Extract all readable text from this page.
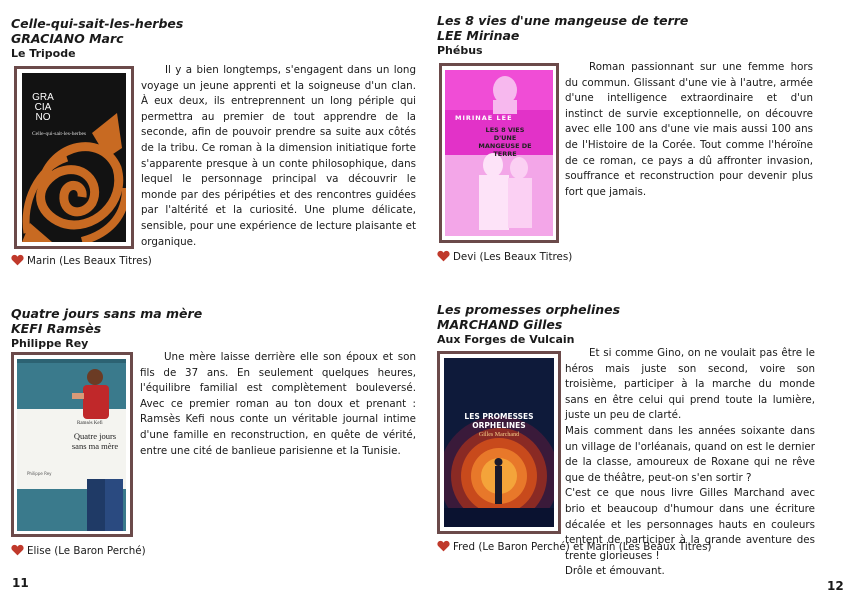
Celle-qui-sait-les-herbes
GRACIANO Marc
Le Tripode
GRA
CIA
NO
Celle-qui-sait-les-herbes

Il y a bien longtemps, s'engagent dans un long voyage un jeune apprenti et la soigneuse d'un clan. À eux deux, ils entreprennent un long périple qui permettra au premier de tout apprendre de la seconde, afin de pouvoir prendre sa suite aux côtés de la tribu. Ce roman à la dimension initiatique forte s'apparente presque à un conte philosophique, dans lequel le personnage principal va découvrir le monde par des péripéties et des rencontres guidées par l'altérité et la curiosité. Une plume délicate, sensible, pour une expérience de lecture plaisante et organique.

Marin (Les Beaux Titres)
Les 8 vies d'une mangeuse de terre
LEE Mirinae
Phébus
MIRINAE LEE
LES 8 VIES D'UNE MANGEUSE DE TERRE

Roman passionnant sur une femme hors du commun. Glissant d'une vie à l'autre, armée d'une intelligence extraordinaire et d'un instinct de survie exceptionnelle, on découvre avec elle 100 ans d'une vie mais aussi 100 ans de l'Histoire de la Corée. Tout comme l'héroïne de ce roman, ce pays a dû affronter invasion, souffrance et reconstruction pour devenir plus fort que jamais.

Devi (Les Beaux Titres)
Quatre jours sans ma mère
KEFI Ramsès
Philippe Rey
Ramsès Kefi
Quatre jours
sans ma mère
Philippe Rey

Une mère laisse derrière elle son époux et son fils de 37 ans. En seulement quelques heures, l'équilibre familial est complètement bouleversé. Avec ce premier roman au ton doux et prenant : Ramsès Kefi nous conte un véritable journal intime d'une famille en reconstruction, en quête de vérité, entre une cité de banlieue parisienne et la Tunisie.

Elise (Le Baron Perché)
Les promesses orphelines
MARCHAND Gilles
Aux Forges de Vulcain
LES PROMESSES
ORPHELINES
Gilles Marchand

Et si comme Gino, on ne voulait pas être le héros mais juste son second, voire son troisième, participer à la marche du monde sans en être celui qui prend toute la lumière, juste un peu de clarté.

Mais comment dans les années soixante dans un village de l'orléanais, quand on est le dernier de la classe, amoureux de Roxane qui ne rêve que de théâtre, peut-on s'en sortir ?

C'est ce que nous livre Gilles Marchand avec brio et beaucoup d'humour dans une écriture décalée et les personnages hauts en couleurs tentent de participer à la grande aventure des trente glorieuses !

Drôle et émouvant.

Fred (Le Baron Perché) et Marin (Les Beaux Titres)
11	12
